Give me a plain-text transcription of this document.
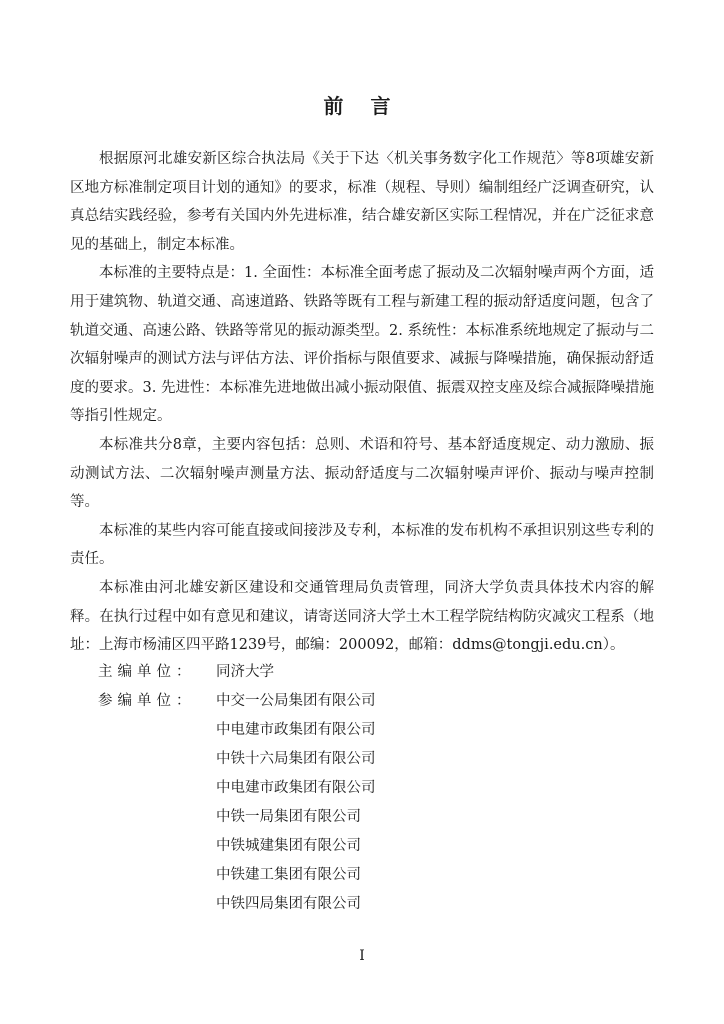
前 言

根据原河北雄安新区综合执法局《关于下达〈机关事务数字化工作规范〉等8项雄安新区地方标准制定项目计划的通知》的要求，标准（规程、导则）编制组经广泛调查研究，认真总结实践经验，参考有关国内外先进标准，结合雄安新区实际工程情况，并在广泛征求意见的基础上，制定本标准。

本标准的主要特点是：1. 全面性：本标准全面考虑了振动及二次辐射噪声两个方面，适用于建筑物、轨道交通、高速道路、铁路等既有工程与新建工程的振动舒适度问题，包含了轨道交通、高速公路、铁路等常见的振动源类型。2. 系统性：本标准系统地规定了振动与二次辐射噪声的测试方法与评估方法、评价指标与限值要求、减振与降噪措施，确保振动舒适度的要求。3. 先进性：本标准先进地做出减小振动限值、振震双控支座及综合减振降噪措施等指引性规定。

本标准共分8章，主要内容包括：总则、术语和符号、基本舒适度规定、动力激励、振动测试方法、二次辐射噪声测量方法、振动舒适度与二次辐射噪声评价、振动与噪声控制等。

本标准的某些内容可能直接或间接涉及专利，本标准的发布机构不承担识别这些专利的责任。

本标准由河北雄安新区建设和交通管理局负责管理，同济大学负责具体技术内容的解释。在执行过程中如有意见和建议，请寄送同济大学土木工程学院结构防灾减灾工程系（地址：上海市杨浦区四平路1239号，邮编：200092，邮箱：ddms@tongji.edu.cn）。

主编单位：	同济大学
参编单位：	中交一公局集团有限公司
中电建市政集团有限公司
中铁十六局集团有限公司
中电建市政集团有限公司
中铁一局集团有限公司
中铁城建集团有限公司
中铁建工集团有限公司
中铁四局集团有限公司
I
